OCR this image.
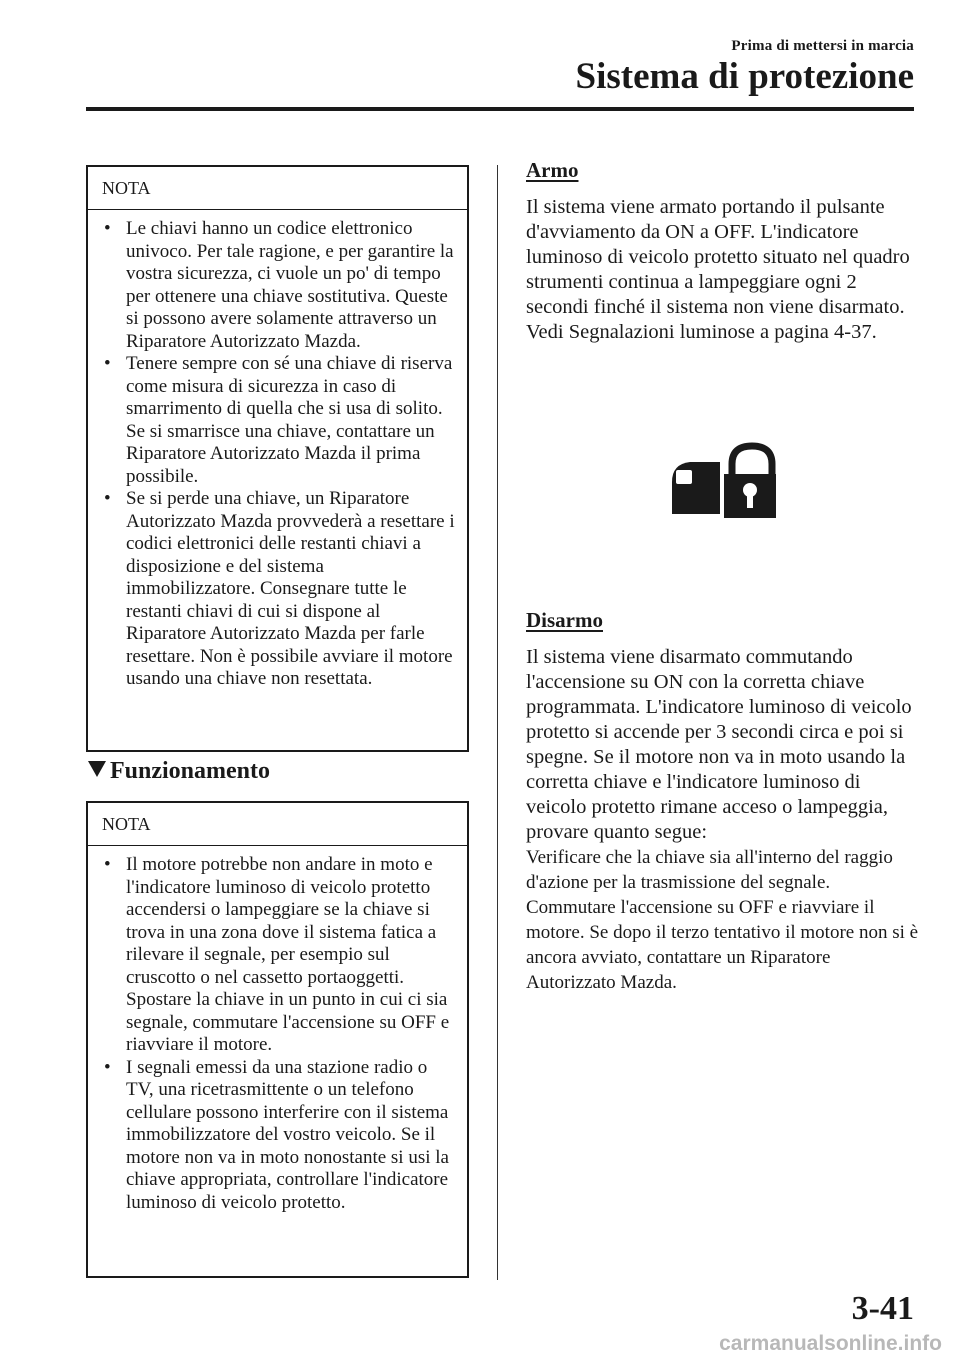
Prima di mettersi in marcia
Sistema di protezione
NOTA
• Le chiavi hanno un codice elettronico univoco. Per tale ragione, e per garantire la vostra sicurezza, ci vuole un po' di tempo per ottenere una chiave sostitutiva. Queste si possono avere solamente attraverso un Riparatore Autorizzato Mazda.
• Tenere sempre con sé una chiave di riserva come misura di sicurezza in caso di smarrimento di quella che si usa di solito. Se si smarrisce una chiave, contattare un Riparatore Autorizzato Mazda il prima possibile.
• Se si perde una chiave, un Riparatore Autorizzato Mazda provvederà a resettare i codici elettronici delle restanti chiavi a disposizione e del sistema immobilizzatore. Consegnare tutte le restanti chiavi di cui si dispone al Riparatore Autorizzato Mazda per farle resettare. Non è possibile avviare il motore usando una chiave non resettata.
Funzionamento
NOTA
• Il motore potrebbe non andare in moto e l'indicatore luminoso di veicolo protetto accendersi o lampeggiare se la chiave si trova in una zona dove il sistema fatica a rilevare il segnale, per esempio sul cruscotto o nel cassetto portaoggetti. Spostare la chiave in un punto in cui ci sia segnale, commutare l'accensione su OFF e riavviare il motore.
• I segnali emessi da una stazione radio o TV, una ricetrasmittente o un telefono cellulare possono interferire con il sistema immobilizzatore del vostro veicolo. Se il motore non va in moto nonostante si usi la chiave appropriata, controllare l'indicatore luminoso di veicolo protetto.
Armo
Il sistema viene armato portando il pulsante d'avviamento da ON a OFF. L'indicatore luminoso di veicolo protetto situato nel quadro strumenti continua a lampeggiare ogni 2 secondi finché il sistema non viene disarmato.
Vedi Segnalazioni luminose a pagina 4-37.
Disarmo
Il sistema viene disarmato commutando l'accensione su ON con la corretta chiave programmata. L'indicatore luminoso di veicolo protetto si accende per 3 secondi circa e poi si spegne. Se il motore non va in moto usando la corretta chiave e l'indicatore luminoso di veicolo protetto rimane acceso o lampeggia, provare quanto segue:
Verificare che la chiave sia all'interno del raggio d'azione per la trasmissione del segnale. Commutare l'accensione su OFF e riavviare il motore. Se dopo il terzo tentativo il motore non si è ancora avviato, contattare un Riparatore Autorizzato Mazda.
3-41
carmanualsonline.info
